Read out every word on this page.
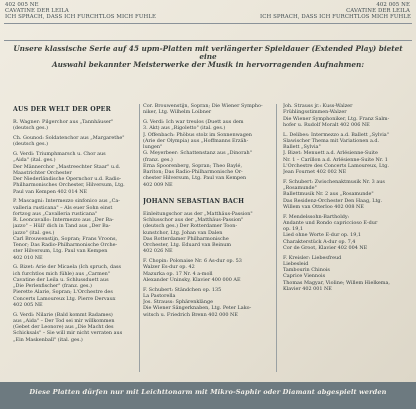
402 005 NE
CAVATINE DER LEILA
ICH SPRACH, DASS ICH FURCHTLOS MICH FUHLE
402 005 NE
CAVATINE DER LEILA
ICH SPRACH, DASS ICH FURCHTLOS MICH FUHLE
Unsere klassische Serie auf 45 upm-Platten mit verlängerter Spieldauer (Extended Play) bietet eine
Auswahl bekannter Meisterwerke der Musik in hervorragenden Aufnahmen:
AUS DER WELT DER OPER
R. Wagner: Pilgerchor aus „Tannhäuser"
(deutsch ges.)
Ch. Gounod: Soldatenchor aus „Margarethe"
(deutsch ges.)
G. Verdi: Triumphmarsch u. Chor aus
„Aida" (ital. ges.)
Der Männerchor „Mastreechter Staar" u.d.
Maastrichter Orchester
Der Niederländische Opernchor u.d. Radio-
Philharmonisches Orchester, Hilversum, Ltg.
Paul van Kempen 402 014 NE
P. Mascagni: Intermezzo sinfonico aus „Ca-
valleria rusticana" – Als euer Sohn einst
fortzog aus „Cavalleria rusticana"
R. Leoncavallo: Intermezzo aus „Der Ba-
jazzo" – Hüll' dich in Tand aus „Der Ba-
jazzo" (ital. ges.)
Carl Brouwenstijn, Sopran; Frans Vroons,
Tenor; Das Radio-Philharmonische Orche-
ster Hilversum, Ltg. Paul van Kempen
402 010 NE
G. Bizet: Arie der Micaela (Ich spruch, dass
ich furchtlos mich fühle) aus „Carmen"
Cavatine der Leila u. Schlussduett aus
„Die Perlenfischer" (franz. ges.)
Pierette Alarie, Sopran; L'Orchestre des
Concerts Lamoureux Ltg. Pierre Dervaux
402 005 NE
G. Verdi: Nilarie (Bald kommt Radames)
aus „Aida" – Der Tod sei mir willkommen
(Gebet der Leonore) aus „Die Macht des
Schicksals" – Sie will mir nicht verraten aus
„Ein Maskenball" (ital. ges.)
Cor. Brouwenstijn, Sopran; Die Wiener Sympho-
niker, Ltg. Wilhelm Loibner
G. Verdi: Ich war treulos (Duett aus dem
3. Akt) aus „Rigoletto" (ital. ges.)
J. Offenbach: Phöbus stolz im Sonnenwagen
(Arie der Olympia) aus „Hoffmanns Erzäh-
lungen"
G. Meyerbeer: Schattenstanz aus „Dinorah"
(franz. ges.)
Erna Spoorenberg, Sopran; Theo Baylé,
Bariton; Das Radio-Philharmonische Or-
chester Hilversum, Ltg. Paul van Kempen
402 009 NE
JOHANN SEBASTIAN BACH
Einleitungschor aus der „Matthäus-Passion"
Schlusschor aus der „Matthäus-Passion"
(deutsch ges.) Der Rotterdamer Toon-
kunstchor, Ltg. Johan van Dalen
Das Rotterdamer Philharmonische
Orchester, Ltg. Eduard van Beinum
402 026 NE
F. Chopin: Polonaise Nr. 6 As-dur op. 53
Walzer Es-dur op. 42
Mazurka op. 17 Nr. 4 a-moll
Alexander Uninsky, Klavier 400 000 AE
F. Schubert: Ständchen op. 135
La Pastorella
Jos. Strauss: Sphärenklänge
Die Wiener Sängerknaben, Ltg. Peter Lako-
witsch u. Friedrich Brenn 402 000 NE
Joh. Strauss jr.: Kuss-Walzer
Frühlingsstimmen-Walzer
Die Wiener Symphoniker, Ltg. Franz Salm-
hofer u. Rudolf Moralt 402 006 NE
L. Delibes: Intermezzo a.d. Ballett „Sylvia"
Slawischer Thema mit Variationen a.d.
Ballett „Sylvia"
J. Bizet: Menuett a.d. Arlésienne-Suite
Nr. 1 – Carillon a.d. Arlésienne-Suite Nr. 1
L'Orchestre des Concerts Lamoureux, Ltg.
Jean Fournet 402 002 NE
F. Schubert: Zwischenaktmusik Nr. 3 aus
„Rosamunde"
Ballettmusik Nr. 2 aus „Rosamunde"
Das Residenz-Orchester Den Haag, Ltg.
Willem van Otterloo 402 008 NE
F. Mendelssohn-Bartholdy:
Andante und Rondo capriccioso E-dur
op. 19,1
Lied ohne Worte E-dur op. 19,1
Charakterstück A-dur op. 7,4
Cor de Groot, Klavier 402 004 NE
F. Kreisler: Liebesfreud
Liebesleid
Tambourin Chinois
Caprice Viennois
Thomas Magyar, Violine; Willem Hielkema,
Klavier 402 001 NE
Diese Platten dürfen nur mit Leichttonarm mit Mikro-Saphir oder Diamant abgespielt werden
